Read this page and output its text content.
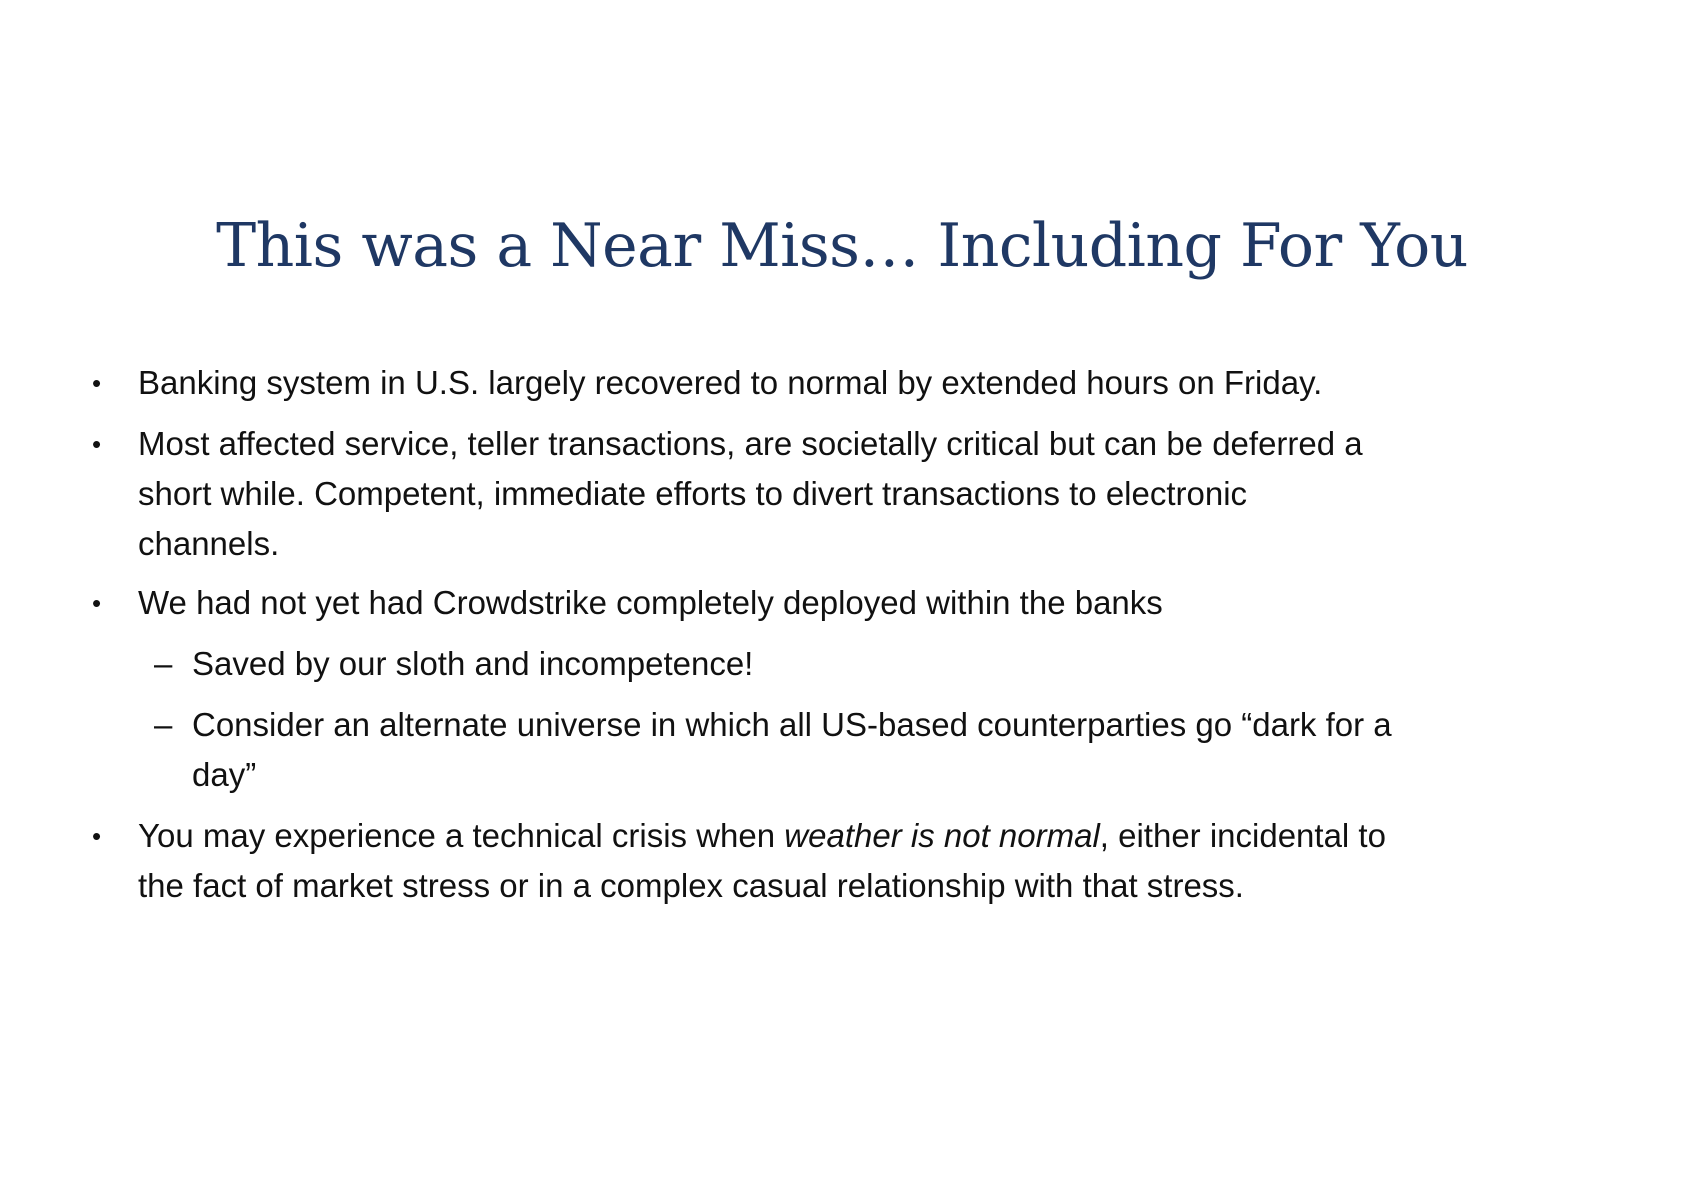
This was a Near Miss… Including For You
• Banking system in U.S. largely recovered to normal by extended hours on Friday.
• Most affected service, teller transactions, are societally critical but can be deferred a
short while. Competent, immediate efforts to divert transactions to electronic
channels.
• We had not yet had Crowdstrike completely deployed within the banks
– Saved by our sloth and incompetence!
– Consider an alternate universe in which all US-based counterparties go “dark for a
day”
• You may experience a technical crisis when weather is not normal, either incidental to
the fact of market stress or in a complex casual relationship with that stress.
